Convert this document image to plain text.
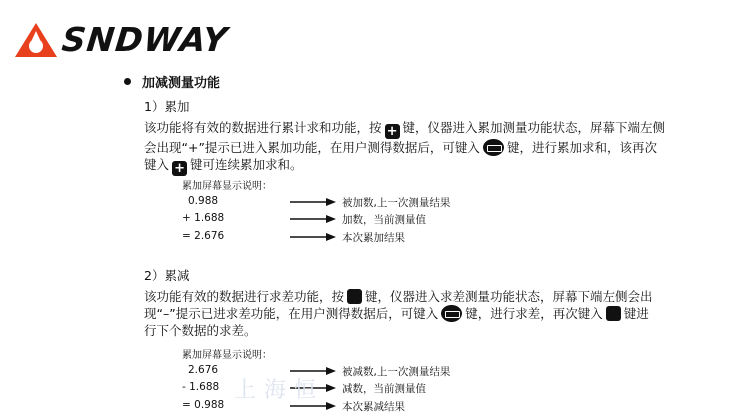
SNDWAY
加减测量功能
1）累加
该功能将有效的数据进行累计求和功能，按 + 键，仪器进入累加测量功能状态，屏幕下端左侧
会出现“+”提示已进入累加功能，在用户测得数据后，可键入 键，进行累加求和，该再次
键入 + 键可连续累加求和。
累加屏幕显示说明：
0.988	被加数,上一次测量结果
+ 1.688	加数，当前测量值
= 2.676	本次累加结果
2）累减
该功能有效的数据进行求差功能，按 键，仪器进入求差测量功能状态，屏幕下端左侧会出
现“–”提示已进求差功能，在用户测得数据后，可键入 键，进行求差，再次键入 键进
行下个数据的求差。
累加屏幕显示说明：
2.676	被减数,上一次测量结果
- 1.688	减数，当前测量值
= 0.988	本次累减结果
上海恒
